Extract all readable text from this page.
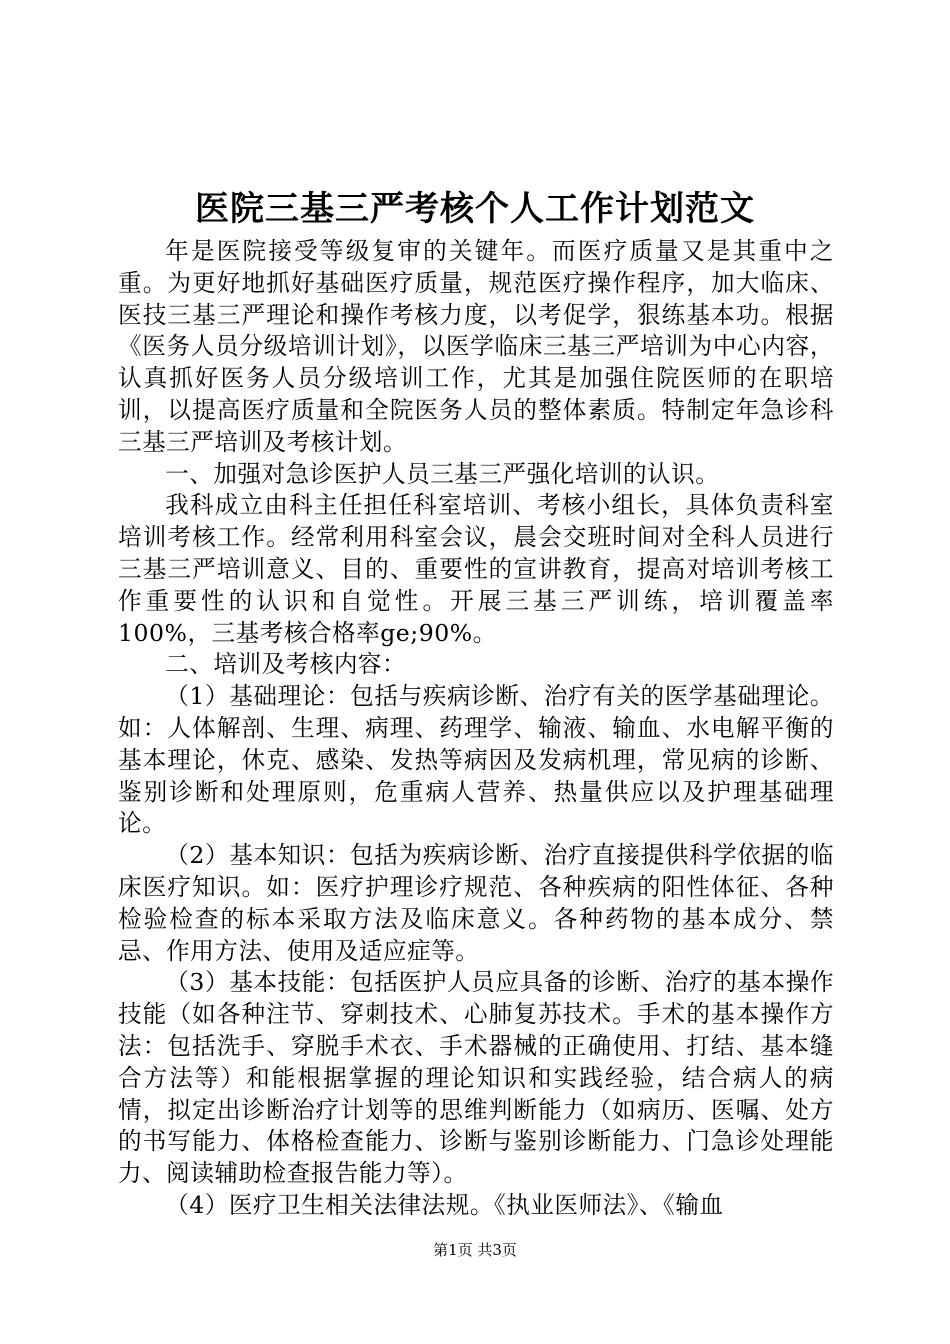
医院三基三严考核个人工作计划范文

年是医院接受等级复审的关键年。而医疗质量又是其重中之重。为更好地抓好基础医疗质量，规范医疗操作程序，加大临床、医技三基三严理论和操作考核力度，以考促学，狠练基本功。根据《医务人员分级培训计划》，以医学临床三基三严培训为中心内容，认真抓好医务人员分级培训工作，尤其是加强住院医师的在职培训，以提高医疗质量和全院医务人员的整体素质。特制定年急诊科三基三严培训及考核计划。

一、加强对急诊医护人员三基三严强化培训的认识。

我科成立由科主任担任科室培训、考核小组长，具体负责科室培训考核工作。经常利用科室会议，晨会交班时间对全科人员进行三基三严培训意义、目的、重要性的宣讲教育，提高对培训考核工作重要性的认识和自觉性。开展三基三严训练，培训覆盖率100%，三基考核合格率ge;90%。

二、培训及考核内容：

（1）基础理论：包括与疾病诊断、治疗有关的医学基础理论。如：人体解剖、生理、病理、药理学、输液、输血、水电解平衡的基本理论，休克、感染、发热等病因及发病机理，常见病的诊断、鉴别诊断和处理原则，危重病人营养、热量供应以及护理基础理论。

（2）基本知识：包括为疾病诊断、治疗直接提供科学依据的临床医疗知识。如：医疗护理诊疗规范、各种疾病的阳性体征、各种检验检查的标本采取方法及临床意义。各种药物的基本成分、禁忌、作用方法、使用及适应症等。

（3）基本技能：包括医护人员应具备的诊断、治疗的基本操作技能（如各种注节、穿刺技术、心肺复苏技术。手术的基本操作方法：包括洗手、穿脱手术衣、手术器械的正确使用、打结、基本缝合方法等）和能根据掌握的理论知识和实践经验，结合病人的病情，拟定出诊断治疗计划等的思维判断能力（如病历、医嘱、处方的书写能力、体格检查能力、诊断与鉴别诊断能力、门急诊处理能力、阅读辅助检查报告能力等）。

（4）医疗卫生相关法律法规。《执业医师法》、《输血

第1页 共3页
